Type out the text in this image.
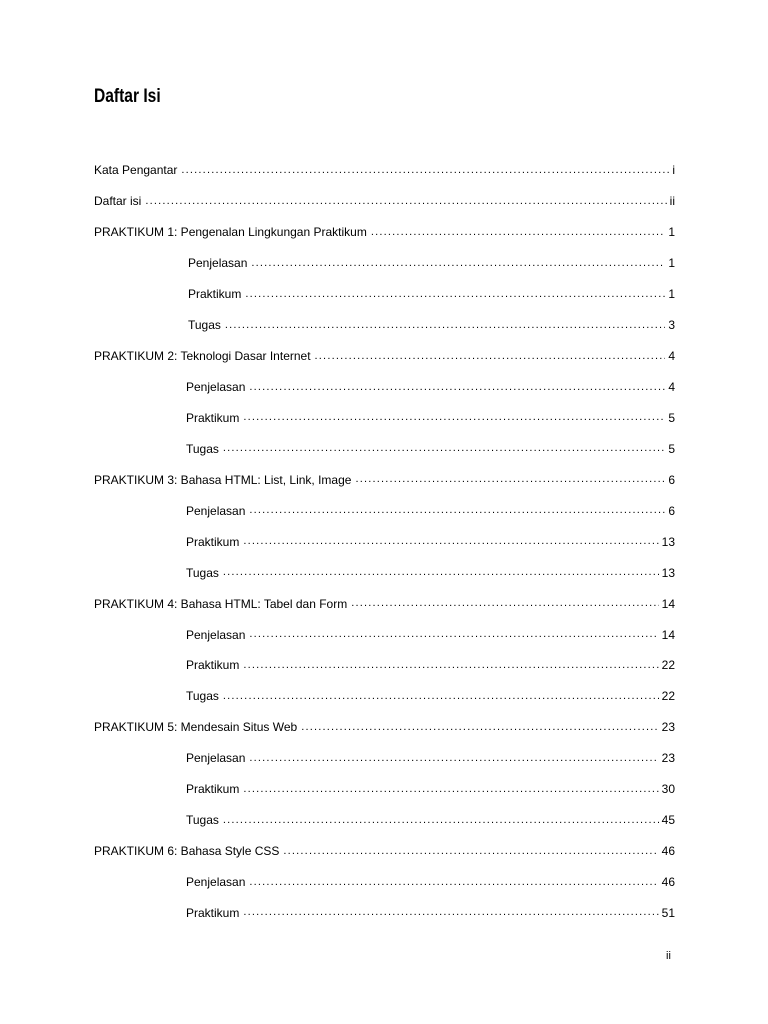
Daftar Isi
Kata Pengantar .....	i
Daftar isi .....	ii
PRAKTIKUM 1: Pengenalan Lingkungan Praktikum .....	1
Penjelasan .....	1
Praktikum .....	1
Tugas .....	3
PRAKTIKUM 2: Teknologi Dasar Internet .....	4
Penjelasan .....	4
Praktikum .....	5
Tugas .....	5
PRAKTIKUM 3: Bahasa HTML: List, Link, Image .....	6
Penjelasan .....	6
Praktikum .....	13
Tugas .....	13
PRAKTIKUM 4: Bahasa HTML: Tabel dan Form .....	14
Penjelasan .....	14
Praktikum .....	22
Tugas .....	22
PRAKTIKUM 5: Mendesain Situs Web .....	23
Penjelasan .....	23
Praktikum .....	30
Tugas .....	45
PRAKTIKUM 6: Bahasa Style CSS .....	46
Penjelasan .....	46
Praktikum .....	51
ii
